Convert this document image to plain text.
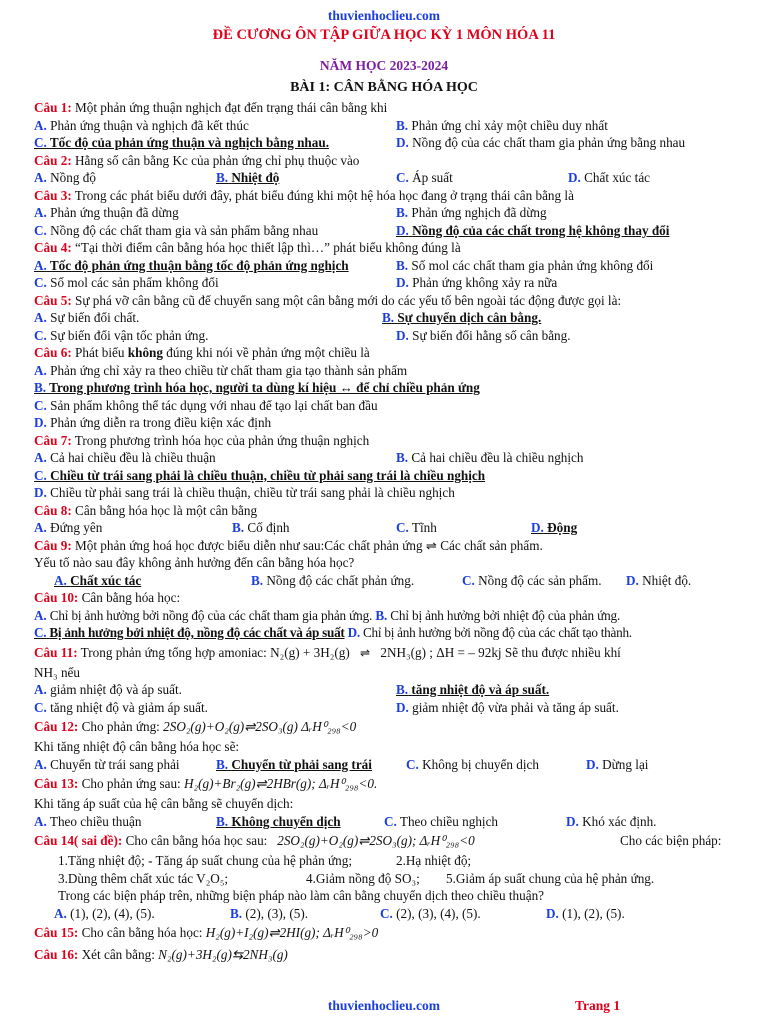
thuvienhoclieu.com
ĐỀ CƯƠNG ÔN TẬP GIỮA HỌC KỲ 1 MÔN HÓA 11
NĂM HỌC 2023-2024
BÀI 1: CÂN BẰNG HÓA HỌC
Câu 1: Một phản ứng thuận nghịch đạt đến trạng thái cân bằng khi
A. Phản ứng thuận và nghịch đã kết thúc	B. Phản ứng chỉ xảy một chiều duy nhất
C. Tốc độ của phản ứng thuận và nghịch bằng nhau.	D. Nồng độ của các chất tham gia phản ứng bằng nhau
Câu 2: Hằng số cân bằng Kc của phản ứng chỉ phụ thuộc vào
A. Nồng độ	B. Nhiệt độ	C. Áp suất	D. Chất xúc tác
Câu 3: Trong các phát biểu dưới đây, phát biểu đúng khi một hệ hóa học đang ở trạng thái cân bằng là
A. Phản ứng thuận đã dừng	B. Phản ứng nghịch đã dừng
C. Nồng độ các chất tham gia và sản phẩm bằng nhau	D. Nồng độ của các chất trong hệ không thay đổi
Câu 4: “Tại thời điểm cân bằng hóa học thiết lập thì…” phát biểu không đúng là
A. Tốc độ phản ứng thuận bằng tốc độ phản ứng nghịch	B. Số mol các chất tham gia phản ứng không đổi
C. Số mol các sản phẩm không đổi	D. Phản ứng không xảy ra nữa
Câu 5: Sự phá vỡ cân bằng cũ để chuyển sang một cân bằng mới do các yếu tố bên ngoài tác động được gọi là:
A. Sự biến đổi chất.	B. Sự chuyển dịch cân bằng.
C. Sự biến đổi vận tốc phản ứng.	D. Sự biến đổi hằng số cân bằng.
Câu 6: Phát biểu không đúng khi nói về phản ứng một chiều là
A. Phản ứng chỉ xảy ra theo chiều từ chất tham gia tạo thành sản phẩm
B. Trong phương trình hóa học, người ta dùng kí hiệu ↔ để chỉ chiều phản ứng
C. Sản phẩm không thể tác dụng với nhau để tạo lại chất ban đầu
D. Phản ứng diễn ra trong điều kiện xác định
Câu 7: Trong phương trình hóa học của phản ứng thuận nghịch
A. Cả hai chiều đều là chiều thuận	B. Cả hai chiều đều là chiều nghịch
C. Chiều từ trái sang phải là chiều thuận, chiều từ phải sang trái là chiều nghịch
D. Chiều từ phải sang trái là chiều thuận, chiều từ trái sang phải là chiều nghịch
Câu 8: Cân bằng hóa học là một cân bằng
A. Đứng yên	B. Cố định	C. Tĩnh	D. Động
Câu 9: Một phản ứng hoá học được biểu diễn như sau:Các chất phản ứng ⇌ Các chất sản phẩm.
Yếu tố nào sau đây không ảnh hưởng đến cân bằng hóa học?
A. Chất xúc tác	B. Nồng độ các chất phản ứng.	C. Nồng độ các sản phẩm. D. Nhiệt độ.
Câu 10: Cân bằng hóa học:
A. Chỉ bị ảnh hưởng bởi nồng độ của các chất tham gia phản ứng. B. Chỉ bị ảnh hưởng bởi nhiệt độ của phản ứng.
C. Bị ảnh hưởng bởi nhiệt độ, nồng độ các chất và áp suất D. Chỉ bị ảnh hưởng bởi nồng độ của các chất tạo thành.
Câu 11: Trong phản ứng tổng hợp amoniac: N₂(g) + 3H₂(g) ⇌ 2NH₃(g) ; ΔH = – 92kj Sẽ thu được nhiều khí
NH₃ nếu
A. giảm nhiệt độ và áp suất.	B. tăng nhiệt độ và áp suất.
C. tăng nhiệt độ và giảm áp suất.	D. giảm nhiệt độ vừa phải và tăng áp suất.
Câu 12: Cho phản ứng: 2SO₂(g)+O₂(g)⇌2SO₃(g) ΔᵣH⁰₂₉₈<0
Khi tăng nhiệt độ cân bằng hóa học sẽ:
A. Chuyển từ trái sang phải	B. Chuyển từ phải sang trái	C. Không bị chuyển dịch	D. Dừng lại
Câu 13: Cho phản ứng sau: H₂(g)+Br₂(g)⇌2HBr(g); ΔᵣH⁰₂₉₈<0.
Khi tăng áp suất của hệ cân bằng sẽ chuyển dịch:
A. Theo chiều thuận	B. Không chuyển dịch	C. Theo chiều nghịch	D. Khó xác định.
Câu 14( sai đề): Cho cân bằng hóa học sau: 2SO₂(g)+O₂(g)⇌2SO₃(g); ΔᵣH⁰₂₉₈<0	Cho các biện pháp:
1.Tăng nhiệt độ; - Tăng áp suất chung của hệ phản ứng;	2.Hạ nhiệt độ;
3.Dùng thêm chất xúc tác V₂O₅;	4.Giảm nồng độ SO₃; 5.Giảm áp suất chung của hệ phản ứng.
Trong các biện pháp trên, những biện pháp nào làm cân bằng chuyển dịch theo chiều thuận?
A. (1), (2), (4), (5).	B. (2), (3), (5).	C. (2), (3), (4), (5).	D. (1), (2), (5).
Câu 15: Cho cân bằng hóa học: H₂(g)+I₂(g)⇌2HI(g); ΔᵣH⁰₂₉₈>0
Câu 16: Xét cân bằng: N₂(g)+3H₂(g)⇆2NH₃(g)
thuvienhoclieu.com	Trang 1
